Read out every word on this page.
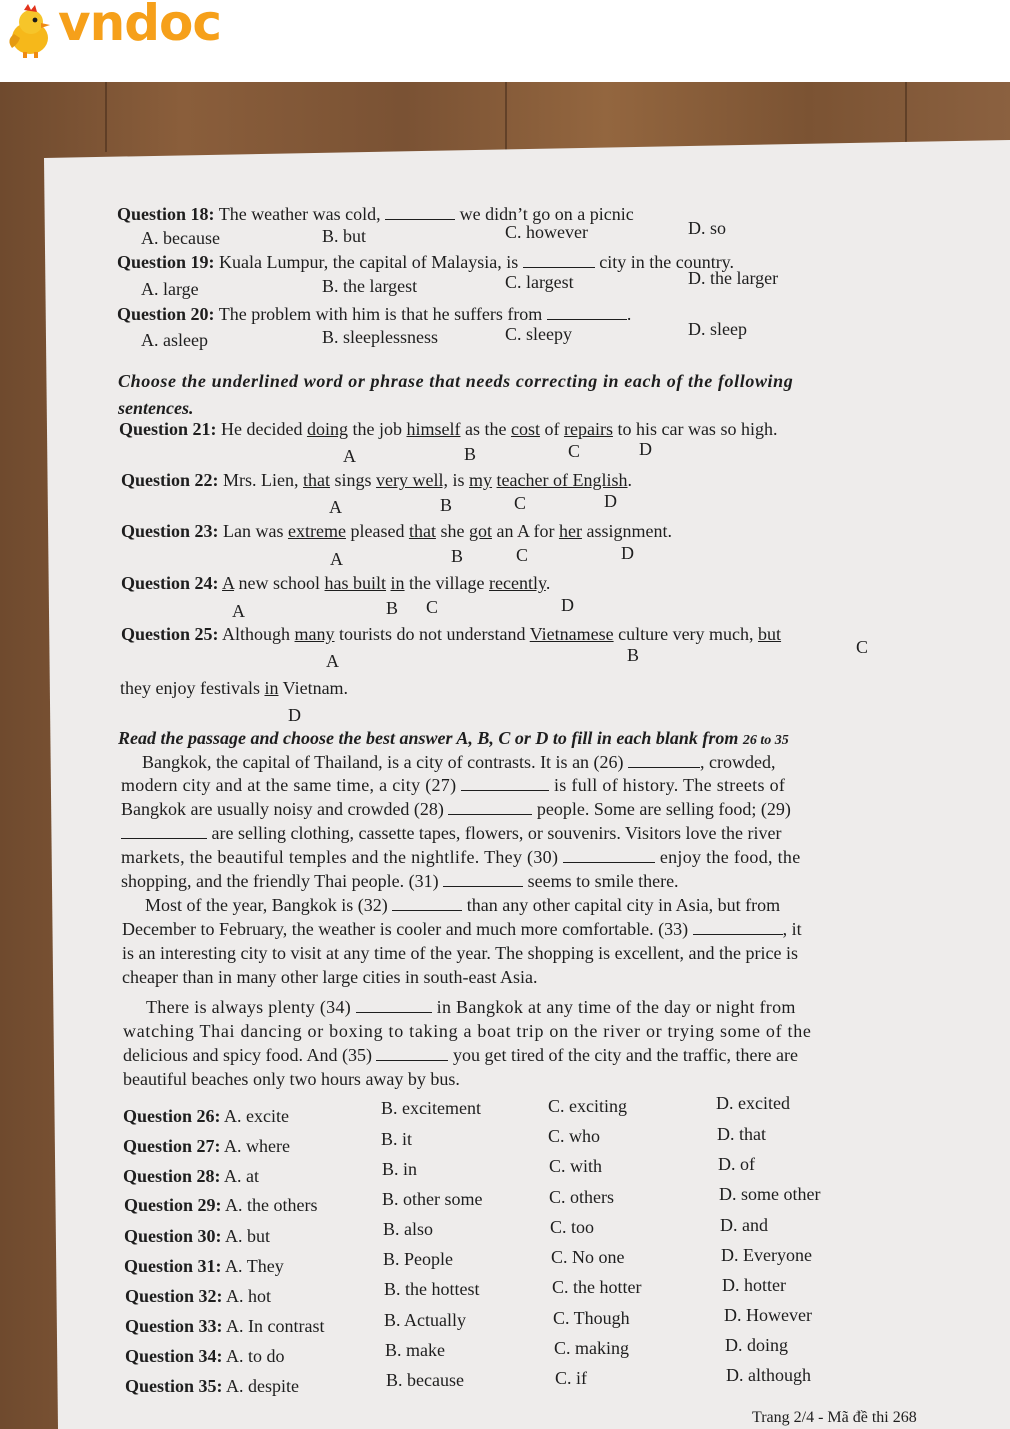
vndoc
Question 18: The weather was cold,	we didn’t go on a picnic
A. because	B. but	C. however	D. so
Question 19: Kuala Lumpur, the capital of Malaysia, is	city in the country.
A. large	B. the largest	C. largest	D. the larger
Question 20: The problem with him is that he suffers from	.
A. asleep	B. sleeplessness	C. sleepy	D. sleep
Choose the underlined word or phrase that needs correcting in each of the following
sentences.
Question 21: He decided doing the job himself as the cost of repairs to his car was so high.
A	B	C	D
Question 22: Mrs. Lien, that sings very well, is my teacher of English.
A	B	C	D
Question 23: Lan was extreme pleased that she got an A for her assignment.
A	B	C	D
Question 24: A new school has built in the village recently.
A	B C	D
Question 25: Although many tourists do not understand Vietnamese culture very much, but
A	B	C
they enjoy festivals in Vietnam.
D
Read the passage and choose the best answer A, B, C or D to fill in each blank from 26 to 35
Bangkok, the capital of Thailand, is a city of contrasts. It is an (26)	, crowded,
modern city and at the same time, a city (27)	is full of history. The streets of
Bangkok are usually noisy and crowded (28)	people. Some are selling food; (29)
are selling clothing, cassette tapes, flowers, or souvenirs. Visitors love the river
markets, the beautiful temples and the nightlife. They (30)	enjoy the food, the
shopping, and the friendly Thai people. (31)	seems to smile there.
Most of the year, Bangkok is (32)	than any other capital city in Asia, but from
December to February, the weather is cooler and much more comfortable. (33)	, it
is an interesting city to visit at any time of the year. The shopping is excellent, and the price is
cheaper than in many other large cities in south-east Asia.
There is always plenty (34)	in Bangkok at any time of the day or night from
watching Thai dancing or boxing to taking a boat trip on the river or trying some of the
delicious and spicy food. And (35)	you get tired of the city and the traffic, there are
beautiful beaches only two hours away by bus.
Question 26: A. excite	B. excitement	C. exciting	D. excited
Question 27: A. where	B. it	C. who	D. that
Question 28: A. at	B. in	C. with	D. of
Question 29: A. the others	B. other some	C. others	D. some other
Question 30: A. but	B. also	C. too	D. and
Question 31: A. They	B. People	C. No one	D. Everyone
Question 32: A. hot	B. the hottest	C. the hotter	D. hotter
Question 33: A. In contrast	B. Actually	C. Though	D. However
Question 34: A. to do	B. make	C. making	D. doing
Question 35: A. despite	B. because	C. if	D. although
Trang 2/4 - Mã đề thi 268
